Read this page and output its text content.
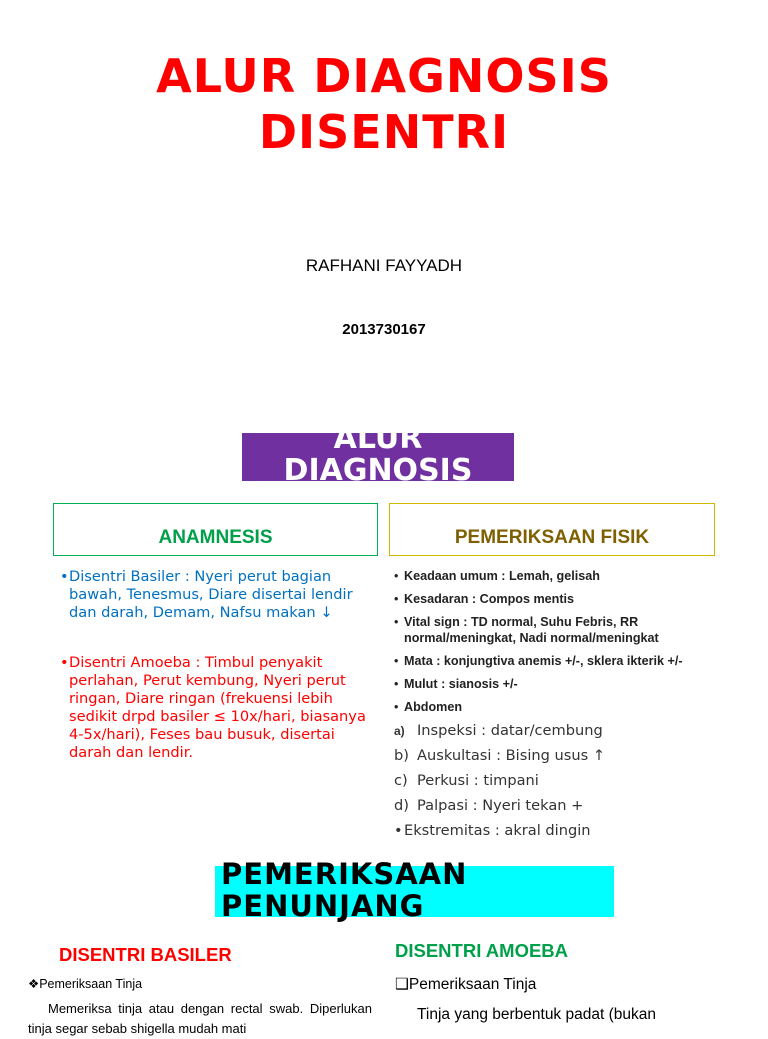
ALUR DIAGNOSIS
DISENTRI
RAFHANI FAYYADH
2013730167
ALUR
DIAGNOSIS
ANAMNESIS	PEMERIKSAAN FISIK
• Disentri Basiler : Nyeri perut bagian bawah, Tenesmus, Diare disertai lendir dan darah, Demam, Nafsu makan ↓
• Disentri Amoeba : Timbul penyakit perlahan, Perut kembung, Nyeri perut ringan, Diare ringan (frekuensi lebih sedikit drpd basiler ≤ 10x/hari, biasanya 4-5x/hari), Feses bau busuk, disertai darah dan lendir.
• Keadaan umum : Lemah, gelisah
• Kesadaran : Compos mentis
• Vital sign : TD normal, Suhu Febris, RR normal/meningkat, Nadi normal/meningkat
• Mata : konjungtiva anemis +/-, sklera ikterik +/-
• Mulut : sianosis +/-
• Abdomen
a) Inspeksi : datar/cembung
b) Auskultasi : Bising usus ↑
c) Perkusi : timpani
d) Palpasi : Nyeri tekan +
• Ekstremitas : akral dingin
PEMERIKSAAN
PENUNJANG
DISENTRI BASILER	DISENTRI AMOEBA
❖Pemeriksaan Tinja	❑Pemeriksaan Tinja
Memeriksa tinja atau dengan rectal swab. Diperlukan tinja segar sebab shigella mudah mati
Tinja yang berbentuk padat (bukan
